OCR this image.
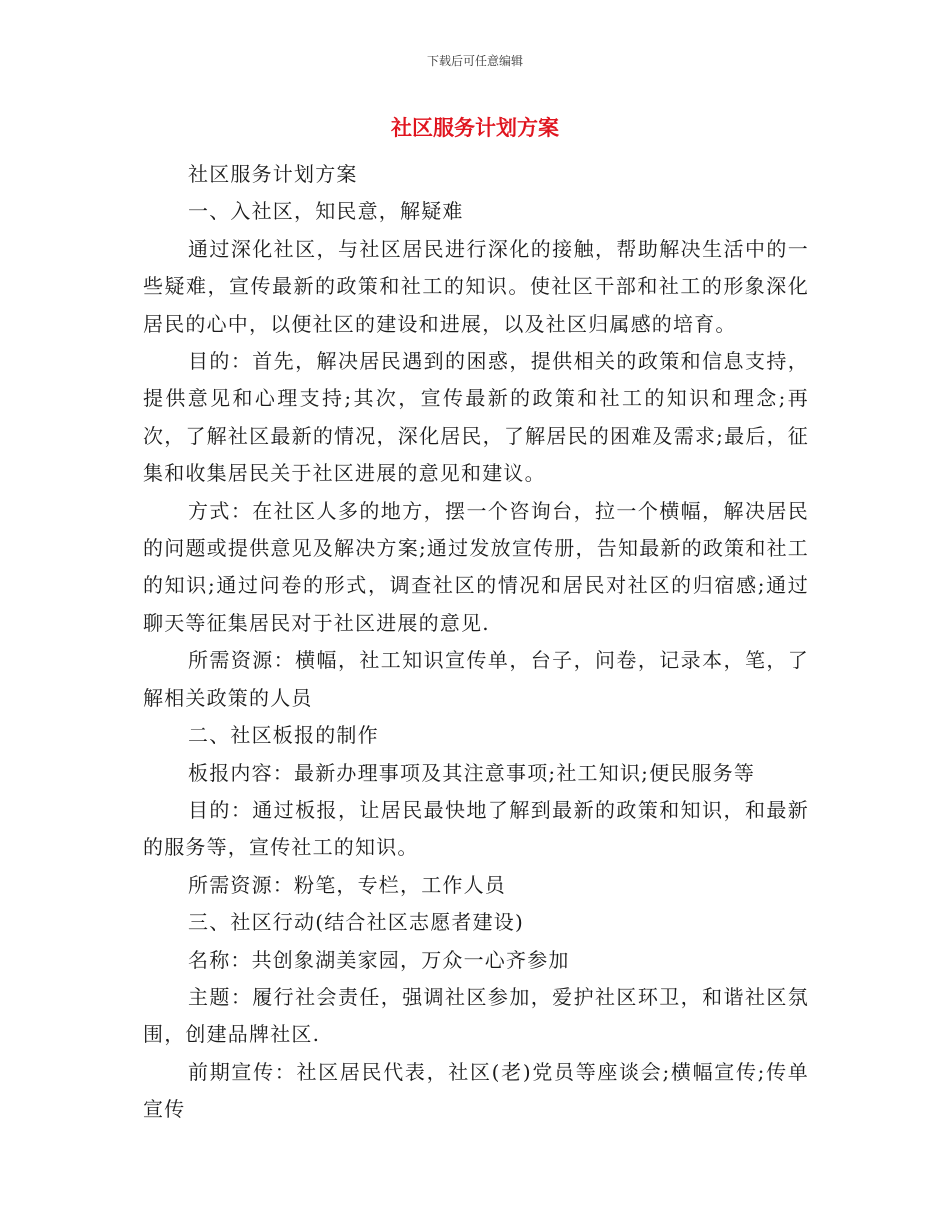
下载后可任意编辑
社区服务计划方案

社区服务计划方案

一、入社区，知民意，解疑难

通过深化社区，与社区居民进行深化的接触，帮助解决生活中的一些疑难，宣传最新的政策和社工的知识。使社区干部和社工的形象深化居民的心中，以便社区的建设和进展，以及社区归属感的培育。

目的：首先，解决居民遇到的困惑，提供相关的政策和信息支持，提供意见和心理支持;其次，宣传最新的政策和社工的知识和理念;再次，了解社区最新的情况，深化居民，了解居民的困难及需求;最后，征集和收集居民关于社区进展的意见和建议。

方式：在社区人多的地方，摆一个咨询台，拉一个横幅，解决居民的问题或提供意见及解决方案;通过发放宣传册，告知最新的政策和社工的知识;通过问卷的形式，调查社区的情况和居民对社区的归宿感;通过聊天等征集居民对于社区进展的意见.

所需资源：横幅，社工知识宣传单，台子，问卷，记录本，笔，了解相关政策的人员

二、社区板报的制作

板报内容：最新办理事项及其注意事项;社工知识;便民服务等

目的：通过板报，让居民最快地了解到最新的政策和知识，和最新的服务等，宣传社工的知识。

所需资源：粉笔，专栏，工作人员

三、社区行动(结合社区志愿者建设)

名称：共创象湖美家园，万众一心齐参加

主题：履行社会责任，强调社区参加，爱护社区环卫，和谐社区氛围，创建品牌社区.

前期宣传：社区居民代表，社区(老)党员等座谈会;横幅宣传;传单宣传
